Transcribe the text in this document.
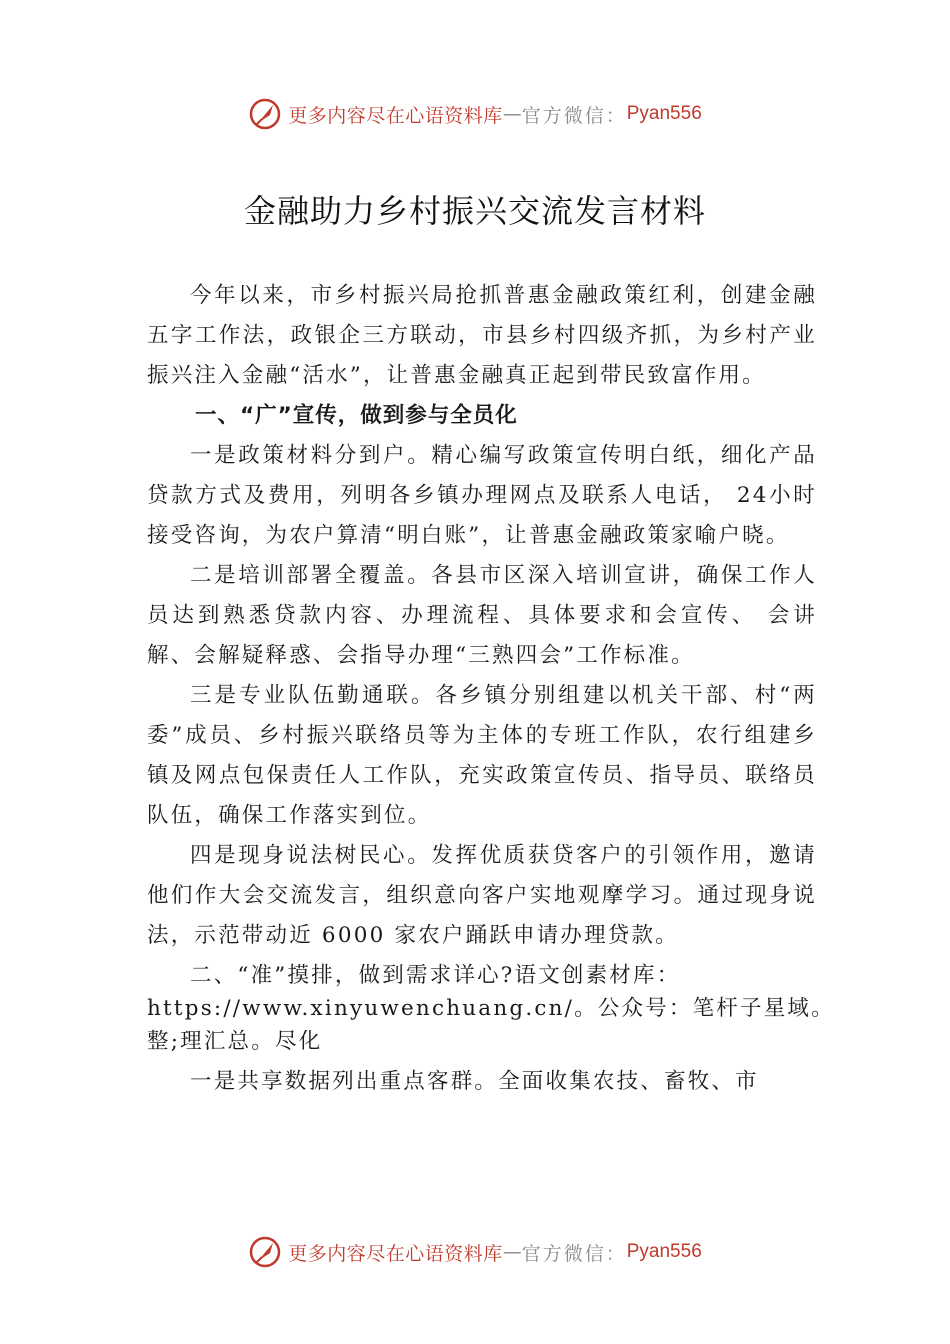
更多内容尽在心语资料库 — 官方微信： Pyan556
金融助力乡村振兴交流发言材料

今年以来，市乡村振兴局抢抓普惠金融政策红利，创建金融五字工作法，政银企三方联动，市县乡村四级齐抓，为乡村产业振兴注入金融“活水”，让普惠金融真正起到带民致富作用。

一、“广”宣传，做到参与全员化

一是政策材料分到户。精心编写政策宣传明白纸，细化产品贷款方式及费用，列明各乡镇办理网点及联系人电话， 24小时接受咨询，为农户算清“明白账”，让普惠金融政策家喻户晓。

二是培训部署全覆盖。各县市区深入培训宣讲，确保工作人员达到熟悉贷款内容、办理流程、具体要求和会宣传、 会讲解、会解疑释惑、会指导办理“三熟四会”工作标准。

三是专业队伍勤通联。各乡镇分别组建以机关干部、村“两委”成员、乡村振兴联络员等为主体的专班工作队，农行组建乡镇及网点包保责任人工作队，充实政策宣传员、指导员、联络员队伍，确保工作落实到位。

四是现身说法树民心。发挥优质获贷客户的引领作用，邀请他们作大会交流发言，组织意向客户实地观摩学习。通过现身说法，示范带动近 6000 家农户踊跃申请办理贷款。

二、“准”摸排，做到需求详心?语文创素材库：https://www.xinyuwenchuang.cn/。公众号：笔杆子星域。整;理汇总。尽化

一是共享数据列出重点客群。全面收集农技、畜牧、市

更多内容尽在心语资料库 — 官方微信： Pyan556
